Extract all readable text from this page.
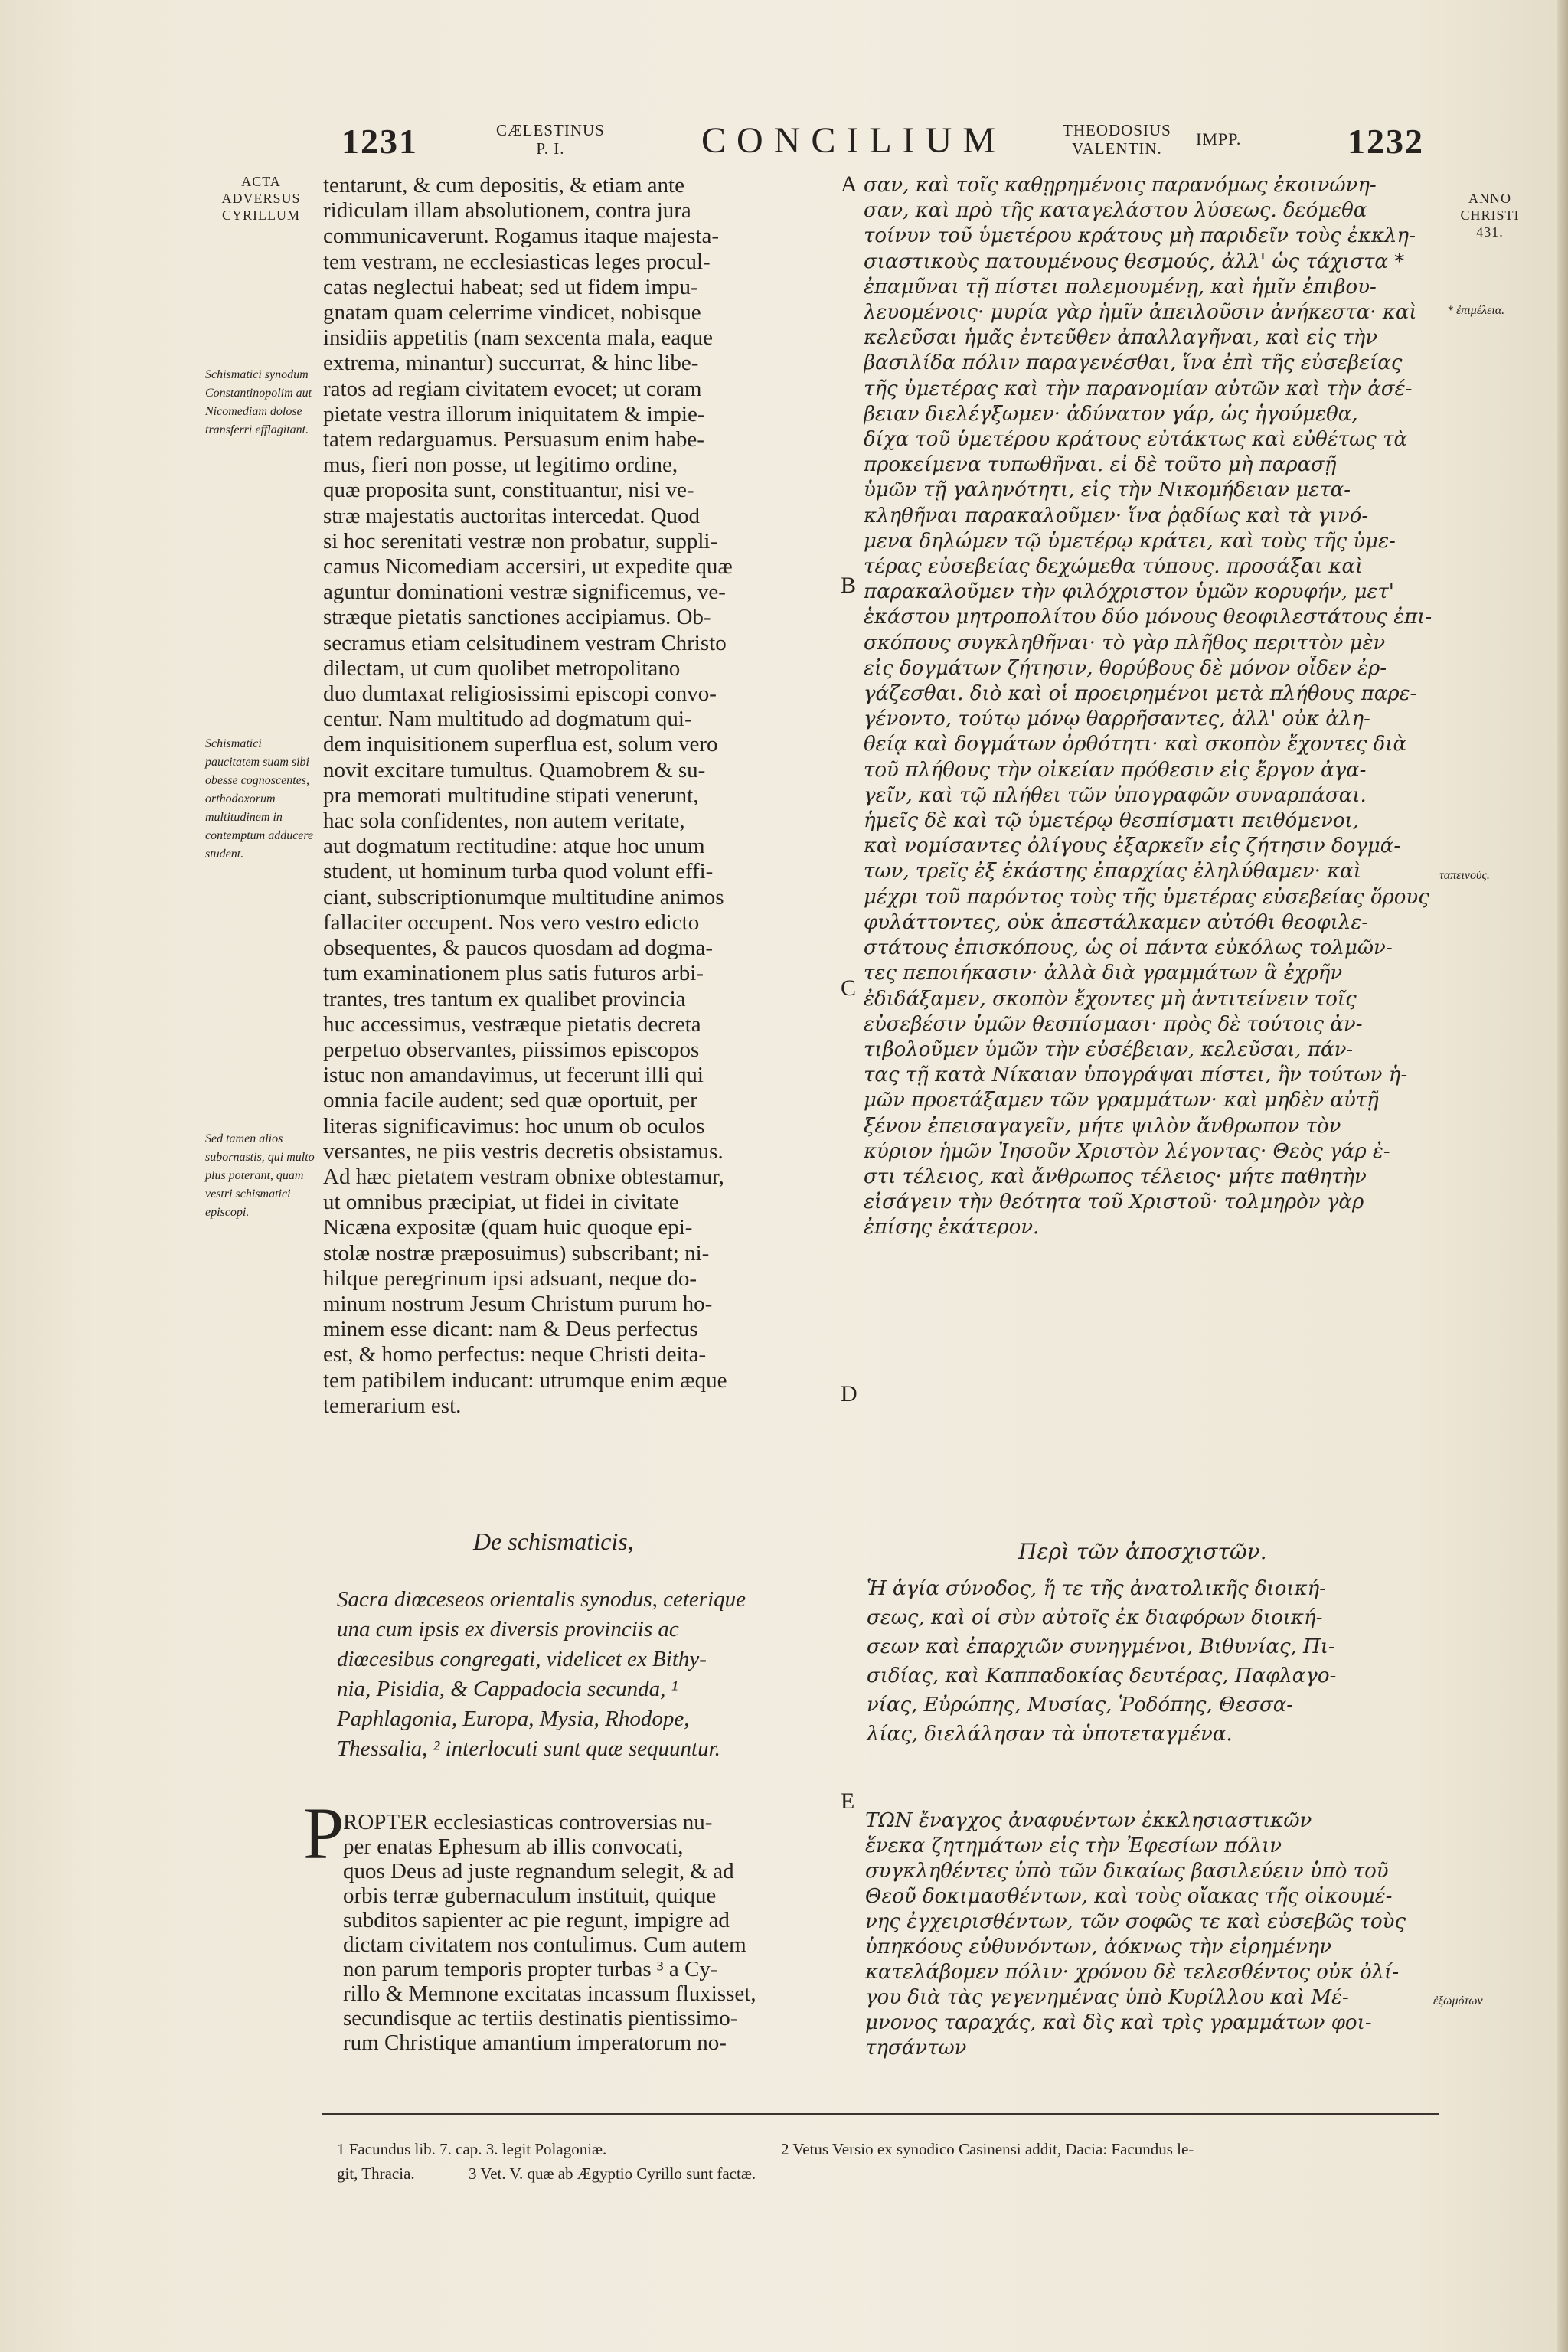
1231	CÆLESTINUS
P. I.	CONCILIUM	THEODOSIUS
VALENTIN.	IMPP.	1232
ACTA ADVERSUS CYRILLUM
Schismatici synodum Constantinopolim aut Nicomediam dolose transferri efflagitant.
Schismatici paucitatem suam sibi obesse cognoscentes, orthodoxorum multitudinem in contemptum adducere student.
Sed tamen alios subornastis, qui multo plus poterant, quam vestri schismatici episcopi.
ANNO CHRISTI
431.
* ἐπιμέλεια.
ταπεινούς.
ἐξωμότων
A
B
C
D
E
tentarunt, & cum depositis, & etiam ante
ridiculam illam absolutionem, contra jura
communicaverunt. Rogamus itaque majesta-
tem vestram, ne ecclesiasticas leges procul-
catas neglectui habeat; sed ut fidem impu-
gnatam quam celerrime vindicet, nobisque
insidiis appetitis (nam sexcenta mala, eaque
extrema, minantur) succurrat, & hinc libe-
ratos ad regiam civitatem evocet; ut coram
pietate vestra illorum iniquitatem & impie-
tatem redarguamus. Persuasum enim habe-
mus, fieri non posse, ut legitimo ordine,
quæ proposita sunt, constituantur, nisi ve-
stræ majestatis auctoritas intercedat. Quod
si hoc serenitati vestræ non probatur, suppli-
camus Nicomediam accersiri, ut expedite quæ
aguntur dominationi vestræ significemus, ve-
stræque pietatis sanctiones accipiamus. Ob-
secramus etiam celsitudinem vestram Christo
dilectam, ut cum quolibet metropolitano
duo dumtaxat religiosissimi episcopi convo-
centur. Nam multitudo ad dogmatum qui-
dem inquisitionem superflua est, solum vero
novit excitare tumultus. Quamobrem & su-
pra memorati multitudine stipati venerunt,
hac sola confidentes, non autem veritate,
aut dogmatum rectitudine: atque hoc unum
student, ut hominum turba quod volunt effi-
ciant, subscriptionumque multitudine animos
fallaciter occupent. Nos vero vestro edicto
obsequentes, & paucos quosdam ad dogma-
tum examinationem plus satis futuros arbi-
trantes, tres tantum ex qualibet provincia
huc accessimus, vestræque pietatis decreta
perpetuo observantes, piissimos episcopos
istuc non amandavimus, ut fecerunt illi qui
omnia facile audent; sed quæ oportuit, per
literas significavimus: hoc unum ob oculos
versantes, ne piis vestris decretis obsistamus.
Ad hæc pietatem vestram obnixe obtestamur,
ut omnibus præcipiat, ut fidei in civitate
Nicæna expositæ (quam huic quoque epi-
stolæ nostræ præposuimus) subscribant; ni-
hilque peregrinum ipsi adsuant, neque do-
minum nostrum Jesum Christum purum ho-
minem esse dicant: nam & Deus perfectus
est, & homo perfectus: neque Christi deita-
tem patibilem inducant: utrumque enim æque
temerarium est.
σαν, καὶ τοῖς καθῃρημένοις παρανόμως ἐκοινώνη-
σαν, καὶ πρὸ τῆς καταγελάστου λύσεως. δεόμεθα
τοίνυν τοῦ ὑμετέρου κράτους μὴ παριδεῖν τοὺς ἐκκλη-
σιαστικοὺς πατουμένους θεσμούς, ἀλλ' ὡς τάχιστα *
ἐπαμῦναι τῇ πίστει πολεμουμένῃ, καὶ ἡμῖν ἐπιβου-
λευομένοις· μυρία γὰρ ἡμῖν ἀπειλοῦσιν ἀνήκεστα· καὶ
κελεῦσαι ἡμᾶς ἐντεῦθεν ἀπαλλαγῆναι, καὶ εἰς τὴν
βασιλίδα πόλιν παραγενέσθαι, ἵνα ἐπὶ τῆς εὐσεβείας
τῆς ὑμετέρας καὶ τὴν παρανομίαν αὐτῶν καὶ τὴν ἀσέ-
βειαν διελέγξωμεν· ἀδύνατον γάρ, ὡς ἡγούμεθα,
δίχα τοῦ ὑμετέρου κράτους εὐτάκτως καὶ εὐθέτως τὰ
προκείμενα τυπωθῆναι. εἰ δὲ τοῦτο μὴ παρασῇ
ὑμῶν τῇ γαληνότητι, εἰς τὴν Νικομήδειαν μετα-
κληθῆναι παρακαλοῦμεν· ἵνα ῥᾳδίως καὶ τὰ γινό-
μενα δηλώμεν τῷ ὑμετέρῳ κράτει, καὶ τοὺς τῆς ὑμε-
τέρας εὐσεβείας δεχώμεθα τύπους. προσάξαι καὶ
παρακαλοῦμεν τὴν φιλόχριστον ὑμῶν κορυφήν, μετ'
ἑκάστου μητροπολίτου δύο μόνους θεοφιλεστάτους ἐπι-
σκόπους συγκληθῆναι· τὸ γὰρ πλῆθος περιττὸν μὲν
εἰς δογμάτων ζήτησιν, θορύβους δὲ μόνον οἶδεν ἐρ-
γάζεσθαι. διὸ καὶ οἱ προειρημένοι μετὰ πλήθους παρε-
γένοντο, τούτῳ μόνῳ θαρρῆσαντες, ἀλλ' οὐκ ἀλη-
θείᾳ καὶ δογμάτων ὀρθότητι· καὶ σκοπὸν ἔχοντες διὰ
τοῦ πλήθους τὴν οἰκείαν πρόθεσιν εἰς ἔργον ἀγα-
γεῖν, καὶ τῷ πλήθει τῶν ὑπογραφῶν συναρπάσαι.
ἡμεῖς δὲ καὶ τῷ ὑμετέρῳ θεσπίσματι πειθόμενοι,
καὶ νομίσαντες ὀλίγους ἐξαρκεῖν εἰς ζήτησιν δογμά-
των, τρεῖς ἐξ ἑκάστης ἐπαρχίας ἐληλύθαμεν· καὶ
μέχρι τοῦ παρόντος τοὺς τῆς ὑμετέρας εὐσεβείας ὅρους
φυλάττοντες, οὐκ ἀπεστάλκαμεν αὐτόθι θεοφιλε-
στάτους ἐπισκόπους, ὡς οἱ πάντα εὐκόλως τολμῶν-
τες πεποιήκασιν· ἀλλὰ διὰ γραμμάτων ἃ ἐχρῆν
ἐδιδάξαμεν, σκοπὸν ἔχοντες μὴ ἀντιτείνειν τοῖς
εὐσεβέσιν ὑμῶν θεσπίσμασι· πρὸς δὲ τούτοις ἀν-
τιβολοῦμεν ὑμῶν τὴν εὐσέβειαν, κελεῦσαι, πάν-
τας τῇ κατὰ Νίκαιαν ὑπογράψαι πίστει, ἣν τούτων ἡ-
μῶν προετάξαμεν τῶν γραμμάτων· καὶ μηδὲν αὐτῇ
ξένον ἐπεισαγαγεῖν, μήτε ψιλὸν ἄνθρωπον τὸν
κύριον ἡμῶν Ἰησοῦν Χριστὸν λέγοντας· Θεὸς γάρ ἐ-
στι τέλειος, καὶ ἄνθρωπος τέλειος· μήτε παθητὴν
εἰσάγειν τὴν θεότητα τοῦ Χριστοῦ· τολμηρὸν γὰρ
ἐπίσης ἑκάτερον.
De schismaticis,
Sacra diœceseos orientalis synodus, ceterique
una cum ipsis ex diversis provinciis ac
diœcesibus congregati, videlicet ex Bithy-
nia, Pisidia, & Cappadocia secunda, ¹
Paphlagonia, Europa, Mysia, Rhodope,
Thessalia, ² interlocuti sunt quæ sequuntur.
P
ROPTER ecclesiasticas controversias nu-
per enatas Ephesum ab illis convocati,
quos Deus ad juste regnandum selegit, & ad
orbis terræ gubernaculum instituit, quique
subditos sapienter ac pie regunt, impigre ad
dictam civitatem nos contulimus. Cum autem
non parum temporis propter turbas ³ a Cy-
rillo & Memnone excitatas incassum fluxisset,
secundisque ac tertiis destinatis pientissimo-
rum Christique amantium imperatorum no-
Περὶ τῶν ἀποσχιστῶν.
Ἡ ἁγία σύνοδος, ἥ τε τῆς ἀνατολικῆς διοική-
σεως, καὶ οἱ σὺν αὐτοῖς ἐκ διαφόρων διοική-
σεων καὶ ἐπαρχιῶν συνηγμένοι, Βιθυνίας, Πι-
σιδίας, καὶ Καππαδοκίας δευτέρας, Παφλαγο-
νίας, Εὐρώπης, Μυσίας, Ῥοδόπης, Θεσσα-
λίας, διελάλησαν τὰ ὑποτεταγμένα.
ΤΩΝ ἔναγχος ἀναφυέντων ἐκκλησιαστικῶν
ἕνεκα ζητημάτων εἰς τὴν Ἐφεσίων πόλιν
συγκληθέντες ὑπὸ τῶν δικαίως βασιλεύειν ὑπὸ τοῦ
Θεοῦ δοκιμασθέντων, καὶ τοὺς οἴακας τῆς οἰκουμέ-
νης ἐγχειρισθέντων, τῶν σοφῶς τε καὶ εὐσεβῶς τοὺς
ὑπηκόους εὐθυνόντων, ἀόκνως τὴν εἰρημένην
κατελάβομεν πόλιν· χρόνου δὲ τελεσθέντος οὐκ ὀλί-
γου διὰ τὰς γεγενημένας ὑπὸ Κυρίλλου καὶ Μέ-
μνονος ταραχάς, καὶ δὶς καὶ τρὶς γραμμάτων φοι-
τησάντων
1 Facundus lib. 7. cap. 3. legit Polagoniæ.	2 Vetus Versio ex synodico Casinensi addit, Dacia: Facundus le-
git, Thracia.	3 Vet. V. quæ ab Ægyptio Cyrillo sunt factæ.
